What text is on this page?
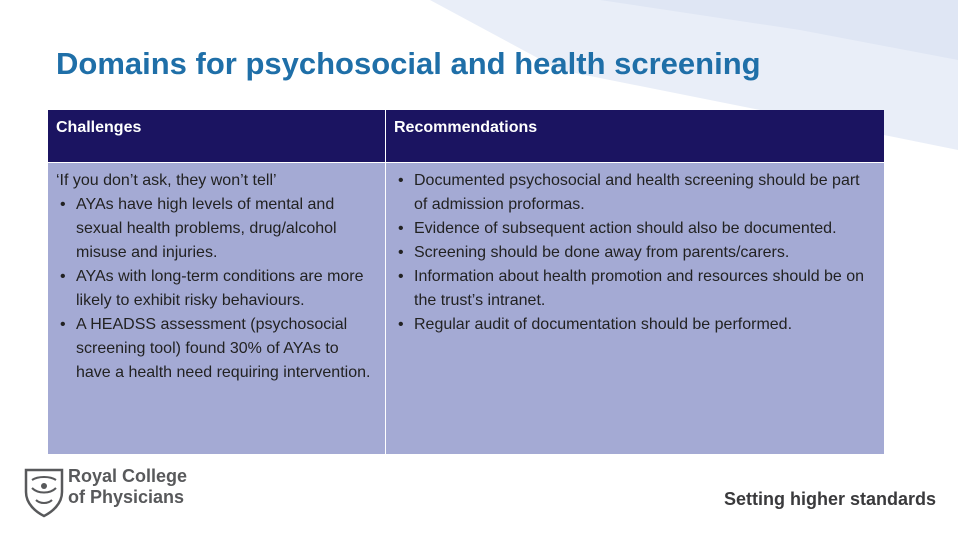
Domains for psychosocial and health screening
Challenges	Recommendations

‘If you don’t ask, they won’t tell’

• AYAs have high levels of mental and sexual health problems, drug/alcohol misuse and injuries.
• AYAs with long-term conditions are more likely to exhibit risky behaviours.
• A HEADSS assessment (psychosocial screening tool) found 30% of AYAs to have a health need requiring intervention.
• Documented psychosocial and health screening should be part of admission proformas.
• Evidence of subsequent action should also be documented.
• Screening should be done away from parents/carers.
• Information about health promotion and resources should be on the trust’s intranet.
• Regular audit of documentation should be performed.
Royal College
of Physicians	Setting higher standards
